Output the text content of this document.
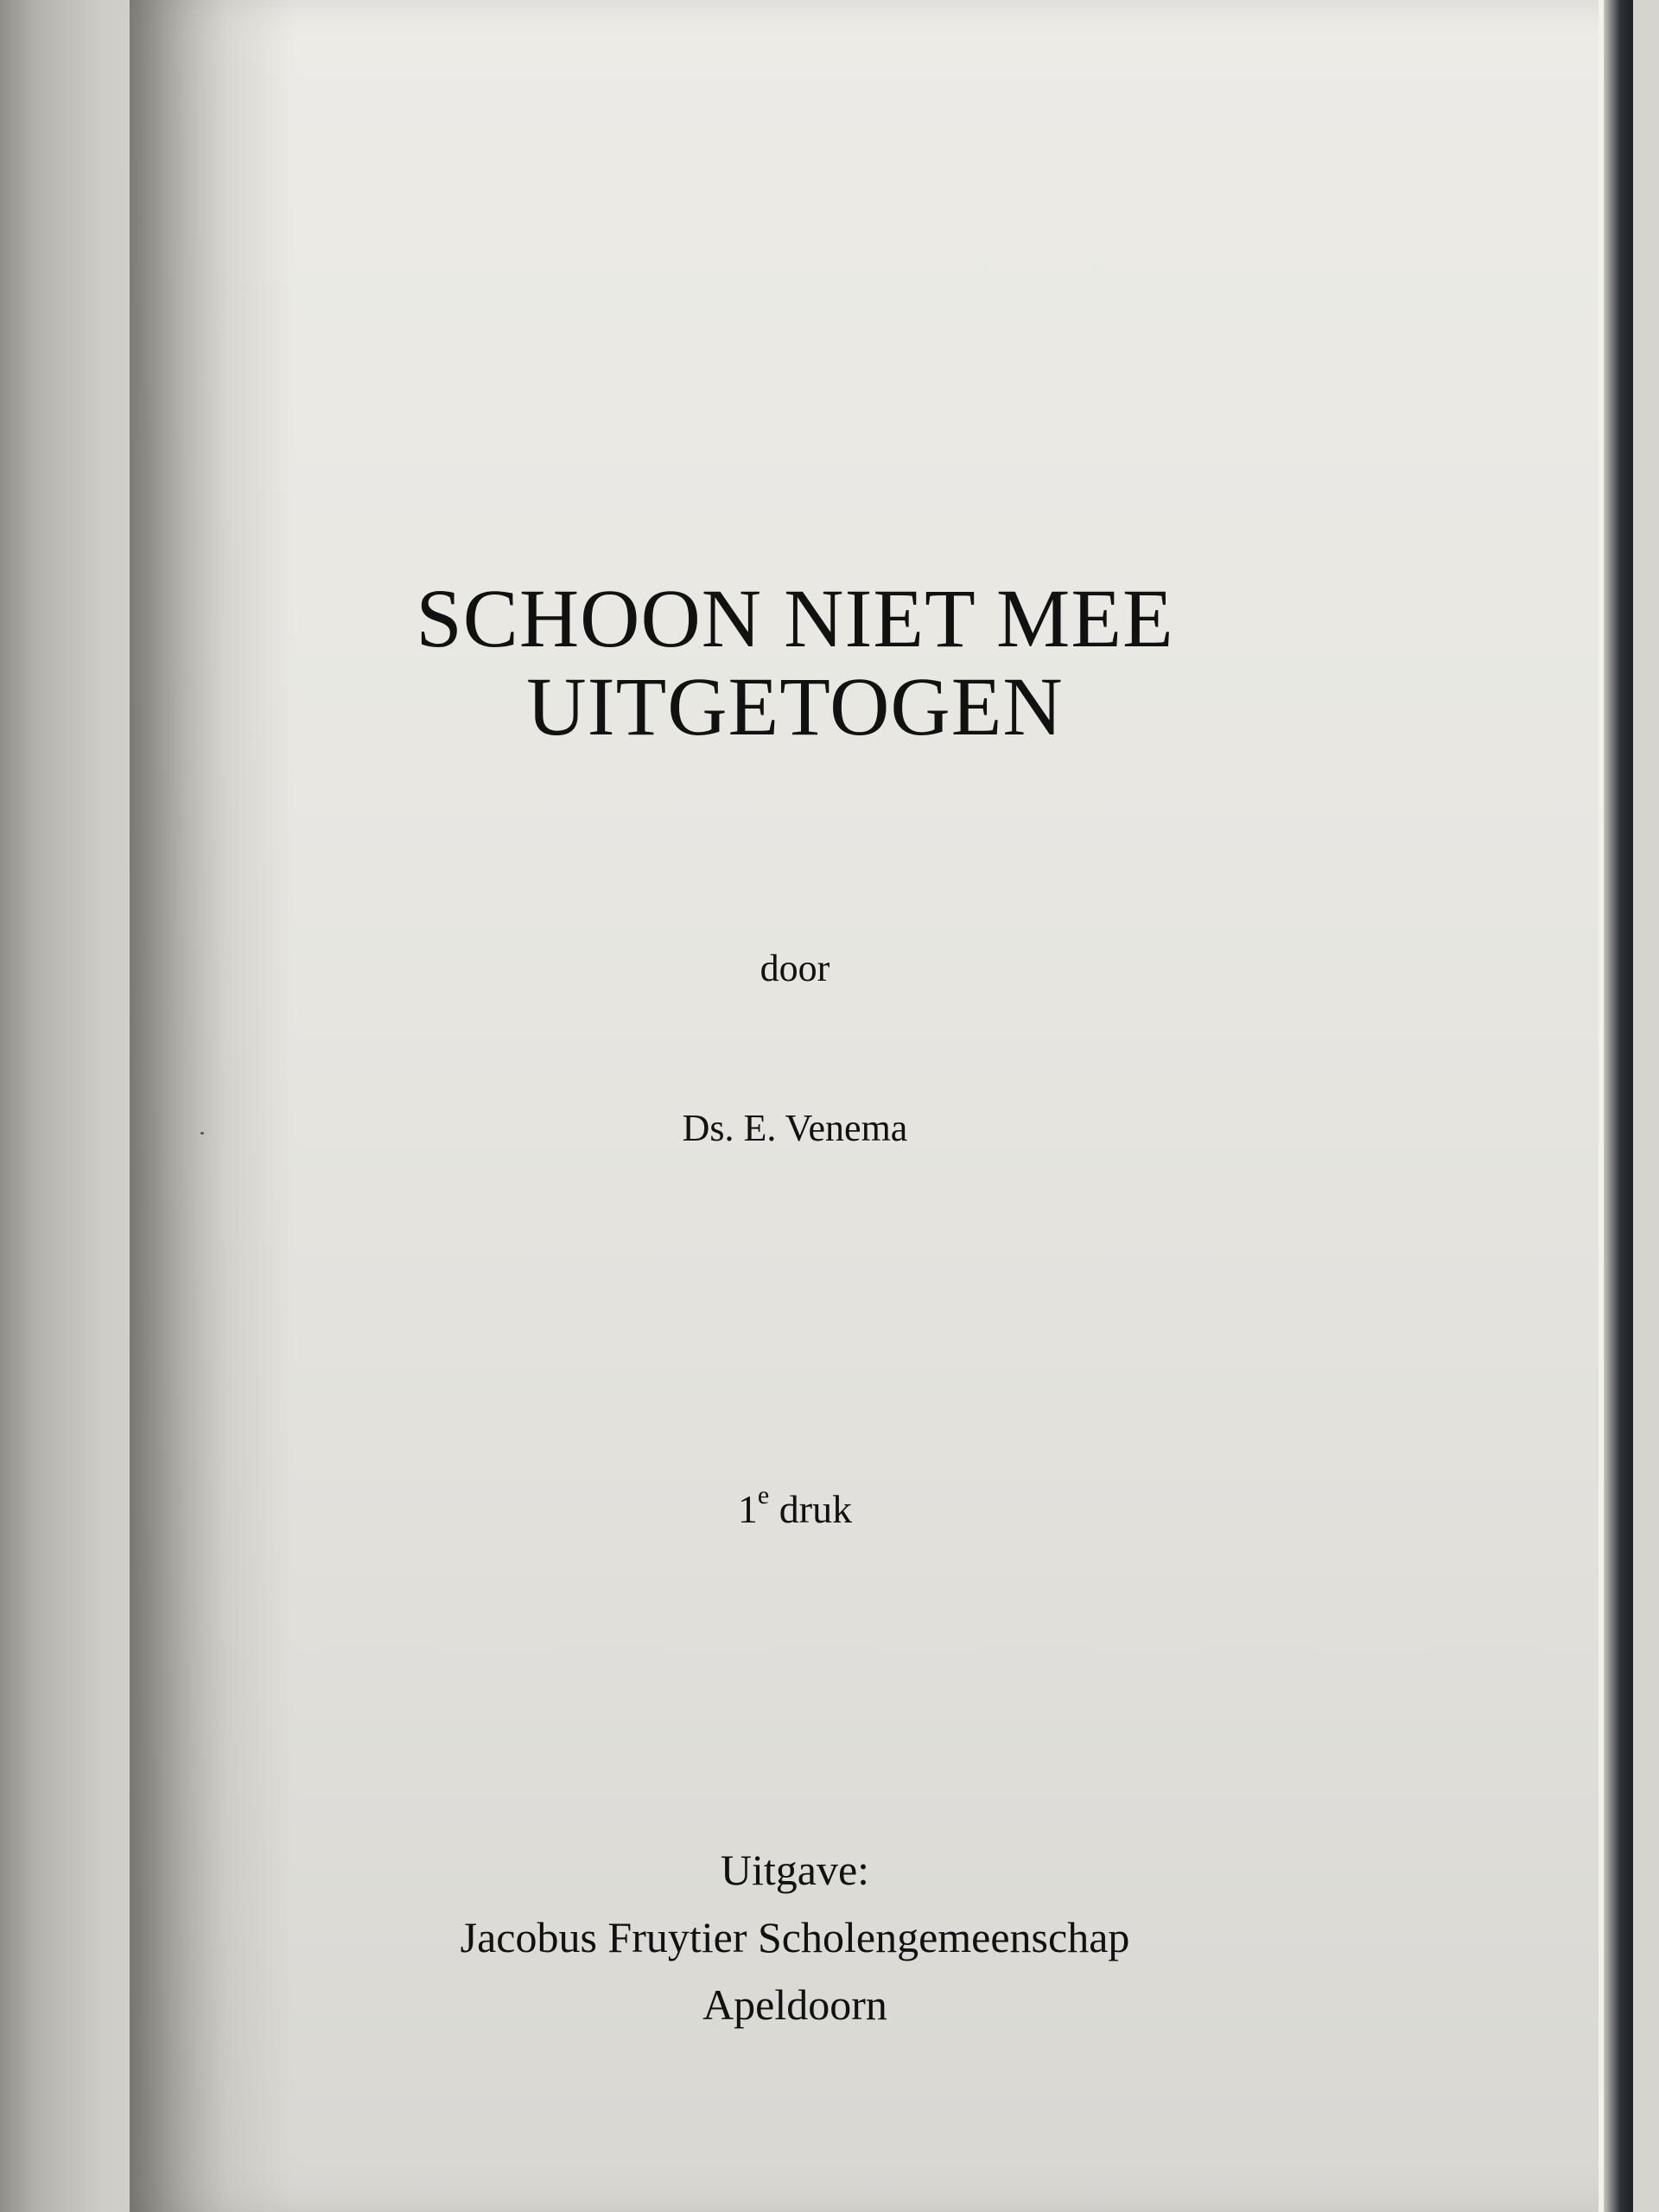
SCHOON NIET MEE
UITGETOGEN
door
Ds. E. Venema
1e druk
Uitgave:
Jacobus Fruytier Scholengemeenschap
Apeldoorn
